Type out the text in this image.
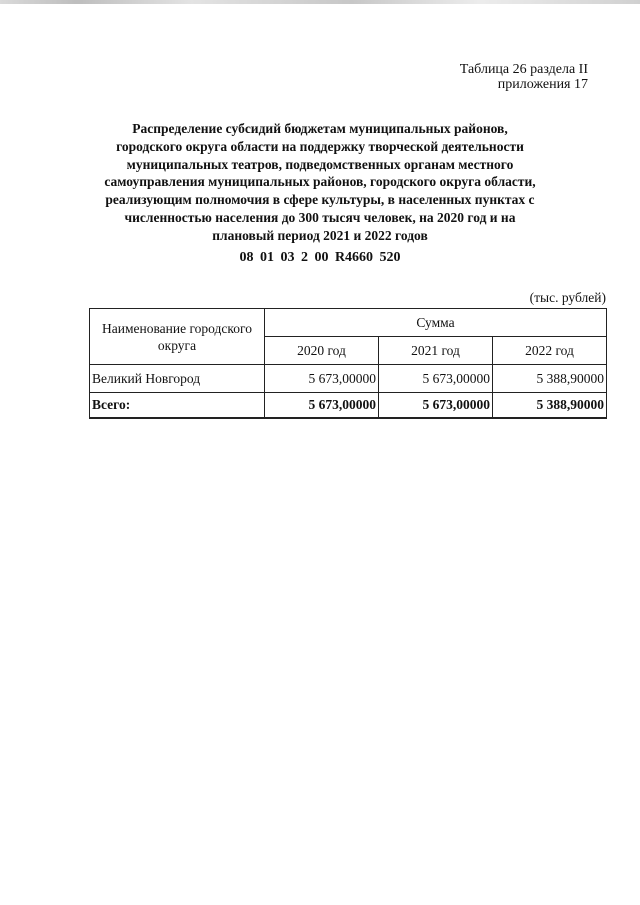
Таблица 26 раздела II
приложения 17
Распределение субсидий бюджетам муниципальных районов,
городского округа области на поддержку творческой деятельности
муниципальных театров, подведомственных органам местного
самоуправления муниципальных районов, городского округа области,
реализующим полномочия в сфере культуры, в населенных пунктах с
численностью населения до 300 тысяч человек, на 2020 год и на
плановый период 2021 и 2022 годов
08 01 03 2 00 R4660 520
(тыс. рублей)
Наименование городского округа	Сумма		
	2020 год	2021 год	2022 год
Великий Новгород	5 673,00000	5 673,00000	5 388,90000
Всего:	5 673,00000	5 673,00000	5 388,90000
